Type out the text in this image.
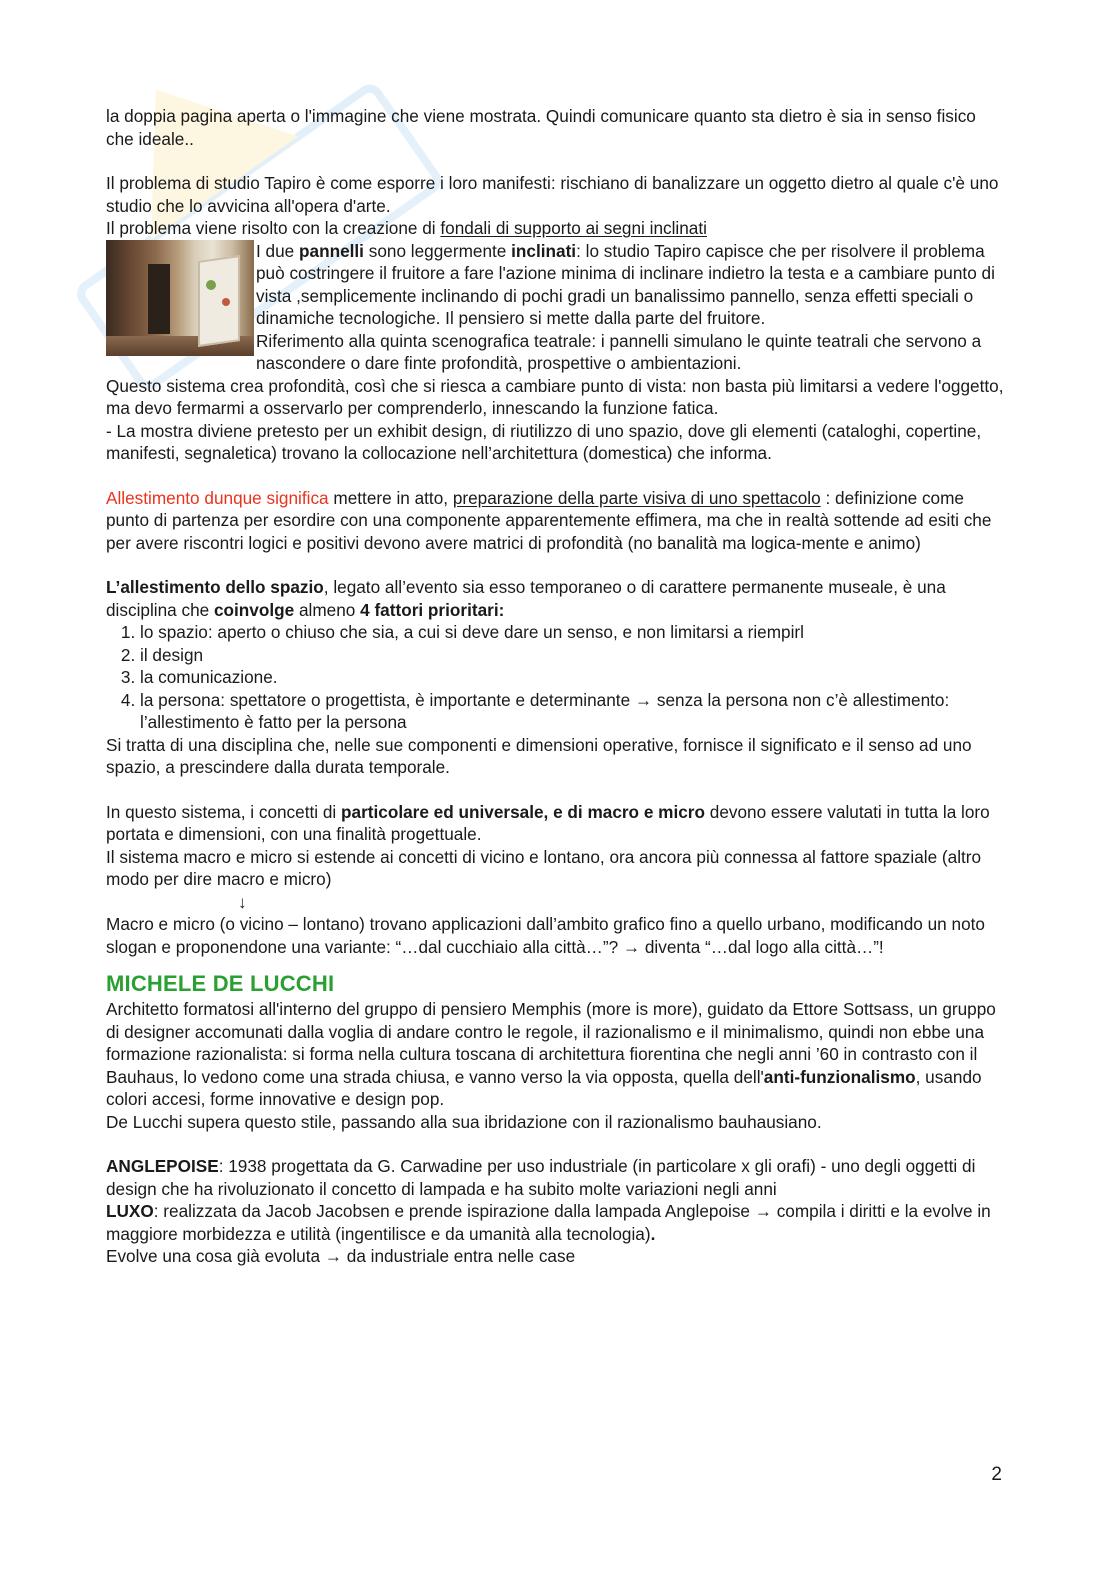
la doppia pagina aperta o l'immagine che viene mostrata. Quindi comunicare quanto sta dietro è sia in senso fisico che ideale..

Il problema di studio Tapiro è come esporre i loro manifesti: rischiano di banalizzare un oggetto dietro al quale c'è uno studio che lo avvicina all'opera d'arte.

Il problema viene risolto con la creazione di fondali di supporto ai segni inclinati

I due pannelli sono leggermente inclinati: lo studio Tapiro capisce che per risolvere il problema può costringere il fruitore a fare l'azione minima di inclinare indietro la testa e a cambiare punto di vista ,semplicemente inclinando di pochi gradi un banalissimo pannello, senza effetti speciali o dinamiche tecnologiche. Il pensiero si mette dalla parte del fruitore.

Riferimento alla quinta scenografica teatrale: i pannelli simulano le quinte teatrali che servono a nascondere o dare finte profondità, prospettive o ambientazioni.

Questo sistema crea profondità, così che si riesca a cambiare punto di vista: non basta più limitarsi a vedere l'oggetto, ma devo fermarmi a osservarlo per comprenderlo, innescando la funzione fatica.

- La mostra diviene pretesto per un exhibit design, di riutilizzo di uno spazio, dove gli elementi (cataloghi, copertine, manifesti, segnaletica) trovano la collocazione nell’architettura (domestica) che informa.

Allestimento dunque significa mettere in atto, preparazione della parte visiva di uno spettacolo : definizione come punto di partenza per esordire con una componente apparentemente effimera, ma che in realtà sottende ad esiti che per avere riscontri logici e positivi devono avere matrici di profondità (no banalità ma logica-mente e animo)

L’allestimento dello spazio, legato all’evento sia esso temporaneo o di carattere permanente museale, è una disciplina che coinvolge almeno 4 fattori prioritari:

1. lo spazio: aperto o chiuso che sia, a cui si deve dare un senso, e non limitarsi a riempirl
2. il design
3. la comunicazione.
4. la persona: spettatore o progettista, è importante e determinante → senza la persona non c’è allestimento: l’allestimento è fatto per la persona

Si tratta di una disciplina che, nelle sue componenti e dimensioni operative, fornisce il significato e il senso ad uno spazio, a prescindere dalla durata temporale.

In questo sistema, i concetti di particolare ed universale, e di macro e micro devono essere valutati in tutta la loro portata e dimensioni, con una finalità progettuale.

Il sistema macro e micro si estende ai concetti di vicino e lontano, ora ancora più connessa al fattore spaziale (altro modo per dire macro e micro)

↓

Macro e micro (o vicino – lontano) trovano applicazioni dall’ambito grafico fino a quello urbano, modificando un noto slogan e proponendone una variante: “…dal cucchiaio alla città…”? → diventa “…dal logo alla città…”!

MICHELE DE LUCCHI

Architetto formatosi all'interno del gruppo di pensiero Memphis (more is more), guidato da Ettore Sottsass, un gruppo di designer accomunati dalla voglia di andare contro le regole, il razionalismo e il minimalismo, quindi non ebbe una formazione razionalista: si forma nella cultura toscana di architettura fiorentina che negli anni ’60 in contrasto con il Bauhaus, lo vedono come una strada chiusa, e vanno verso la via opposta, quella dell'anti-funzionalismo, usando colori accesi, forme innovative e design pop.

De Lucchi supera questo stile, passando alla sua ibridazione con il razionalismo bauhausiano.

ANGLEPOISE: 1938 progettata da G. Carwadine per uso industriale (in particolare x gli orafi) - uno degli oggetti di design che ha rivoluzionato il concetto di lampada e ha subito molte variazioni negli anni

LUXO: realizzata da Jacob Jacobsen e prende ispirazione dalla lampada Anglepoise → compila i diritti e la evolve in maggiore morbidezza e utilità (ingentilisce e da umanità alla tecnologia).

Evolve una cosa già evoluta → da industriale entra nelle case

2
